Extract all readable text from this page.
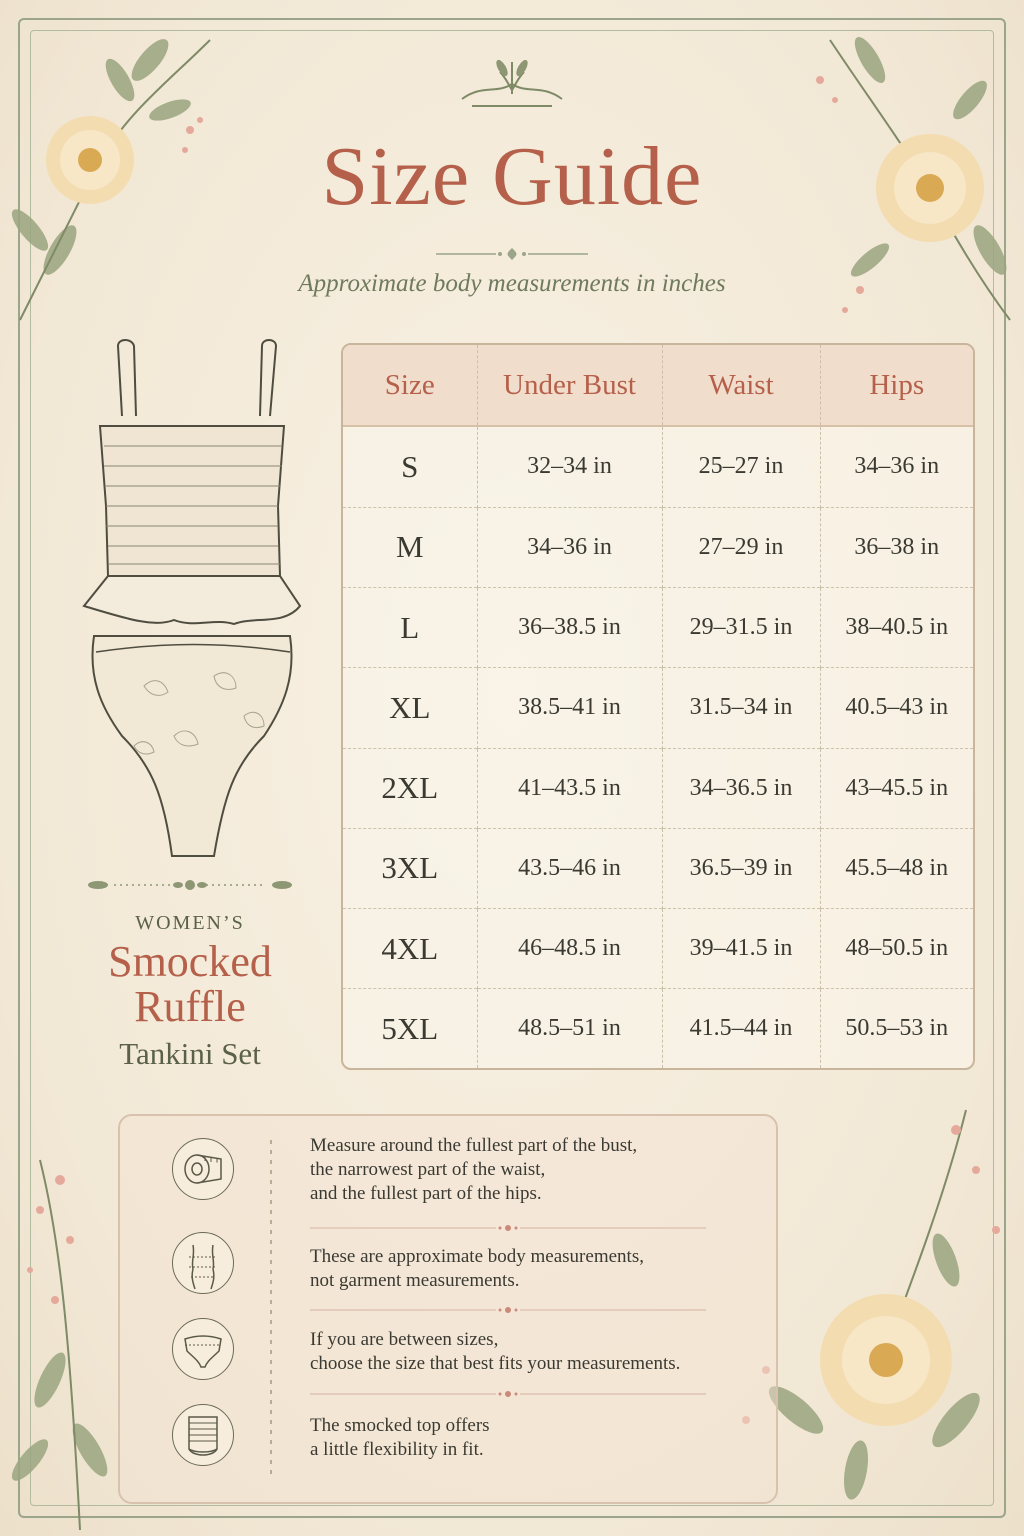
Size Guide
Approximate body measurements in inches
WOMEN’S
Smocked
Ruffle
Tankini Set
Size	Under Bust	Waist	Hips
S	32–34 in	25–27 in	34–36 in
M	34–36 in	27–29 in	36–38 in
L	36–38.5 in	29–31.5 in	38–40.5 in
XL	38.5–41 in	31.5–34 in	40.5–43 in
2XL	41–43.5 in	34–36.5 in	43–45.5 in
3XL	43.5–46 in	36.5–39 in	45.5–48 in
4XL	46–48.5 in	39–41.5 in	48–50.5 in
5XL	48.5–51 in	41.5–44 in	50.5–53 in
Measure around the fullest part of the bust,
the narrowest part of the waist,
and the fullest part of the hips.
These are approximate body measurements,
not garment measurements.
If you are between sizes,
choose the size that best fits your measurements.
The smocked top offers
a little flexibility in fit.
